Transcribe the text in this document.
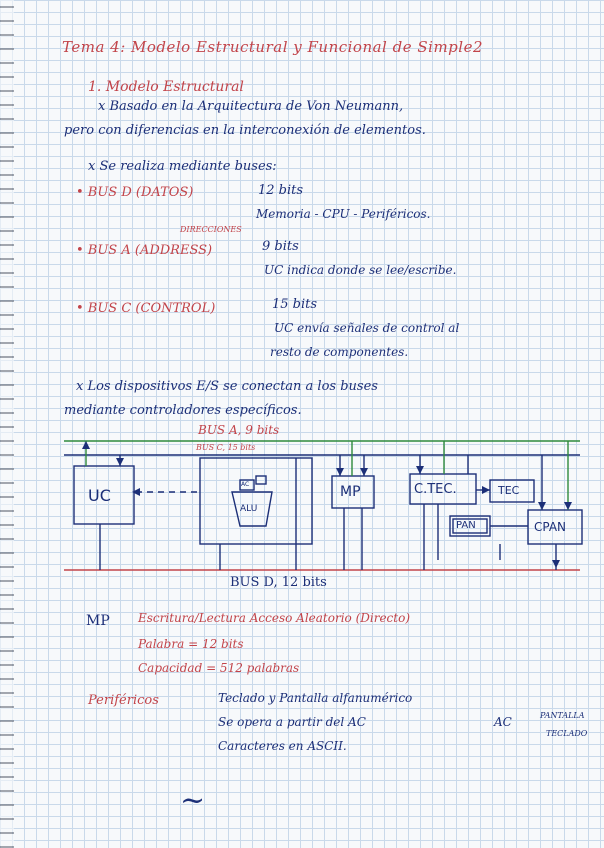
Tema 4: Modelo Estructural y Funcional de Simple2
1. Modelo Estructural
x Basado en la Arquitectura de Von Neumann,
pero con diferencias en la interconexión de elementos.
x Se realiza mediante buses:
• BUS D (DATOS)	12 bits
Memoria - CPU - Periféricos.
DIRECCIONES
• BUS A (ADDRESS)	9 bits
UC indica donde se lee/escribe.
• BUS C (CONTROL)	15 bits
UC envía señales de control al
resto de componentes.
x Los dispositivos E/S se conectan a los buses
mediante controladores específicos.
BUS A, 9 bits
BUS C, 15 bits
BUS D, 12 bits
UC
ALU
AC	MP	C.TEC.	TEC
PAN	CPAN
MP Escritura/Lectura Acceso Aleatorio (Directo)
Palabra = 12 bits
Capacidad = 512 palabras
Periféricos	Teclado y Pantalla alfanumérico
Se opera a partir del AC
Caracteres en ASCII.
AC	PANTALLA
TECLADO
~
